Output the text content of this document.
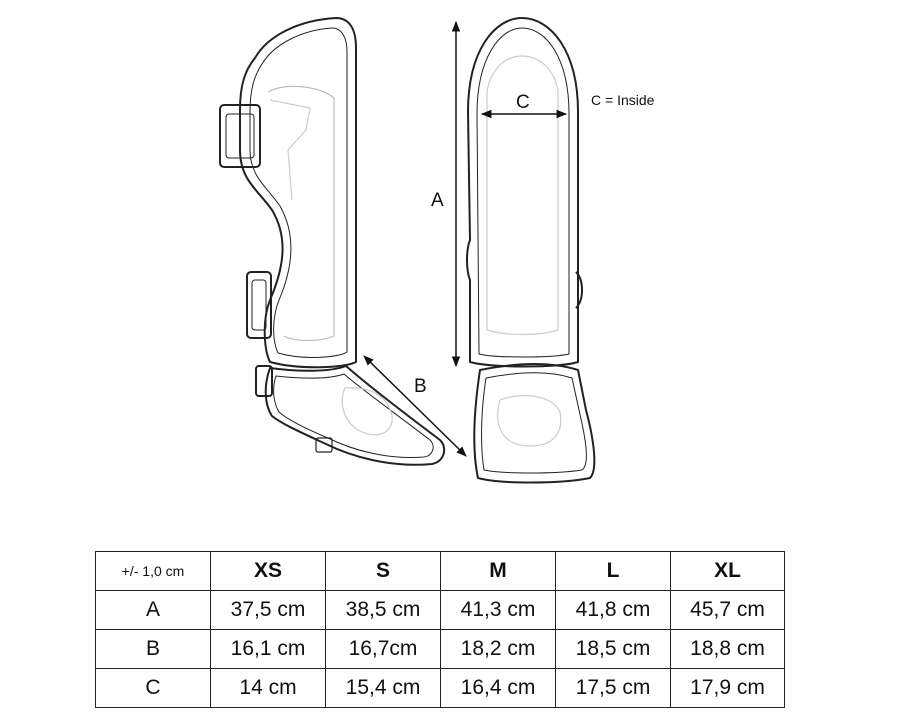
A
B
C	C = Inside
+/- 1,0 cm	XS	S	M	L	XL
A	37,5 cm	38,5 cm	41,3 cm	41,8 cm	45,7 cm
B	16,1 cm	16,7cm	18,2 cm	18,5 cm	18,8 cm
C	14 cm	15,4 cm	16,4 cm	17,5 cm	17,9 cm
